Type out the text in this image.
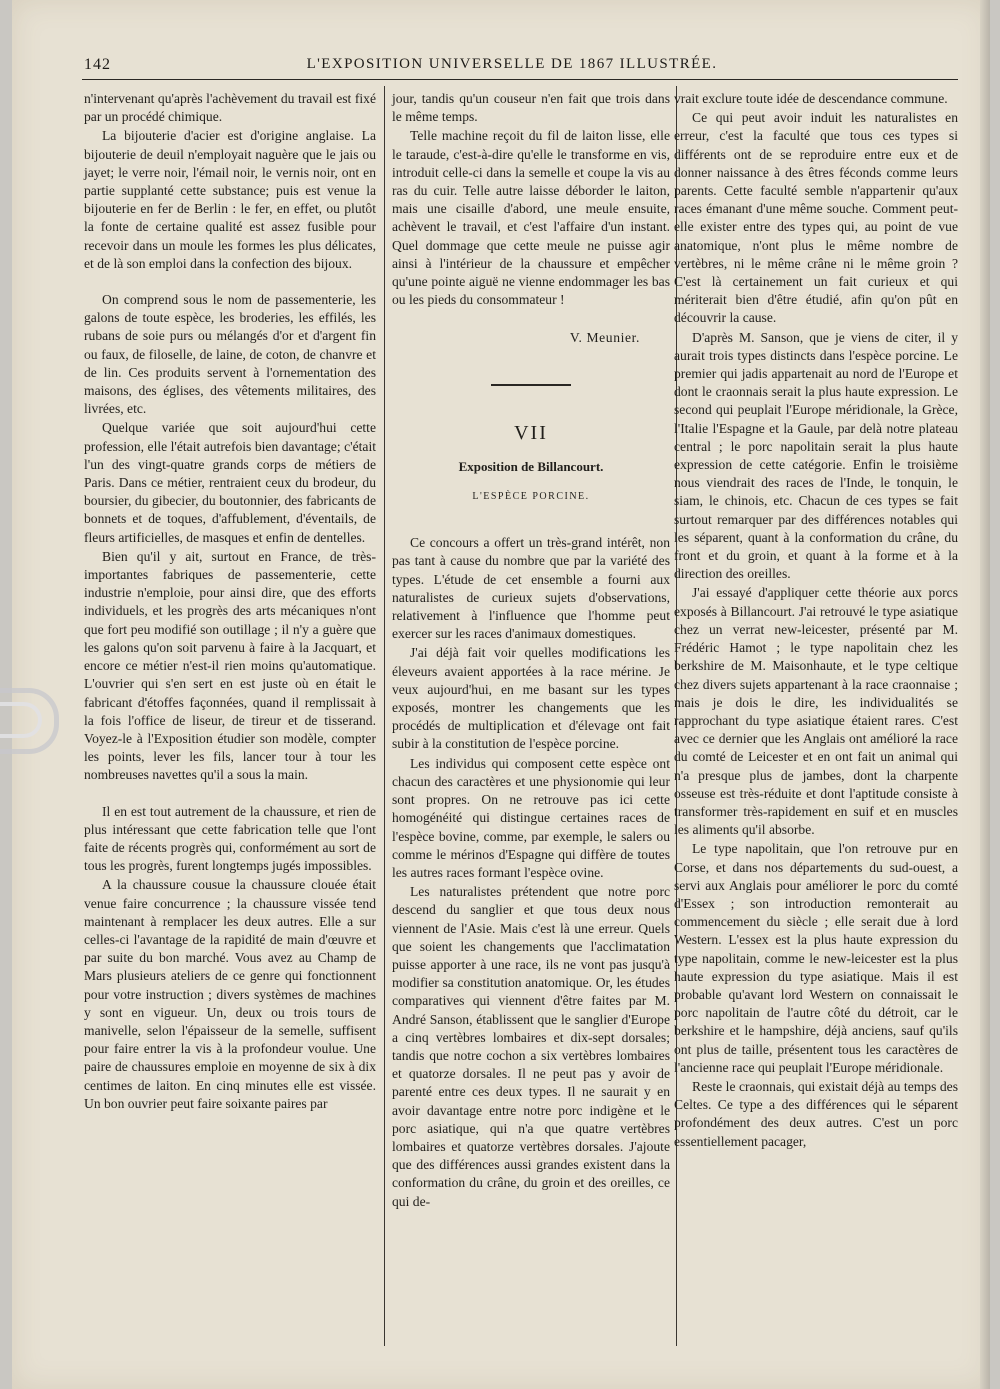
142	L'EXPOSITION UNIVERSELLE DE 1867 ILLUSTRÉE.

n'intervenant qu'après l'achèvement du travail est fixé par un procédé chimique.

La bijouterie d'acier est d'origine anglaise. La bijouterie de deuil n'employait naguère que le jais ou jayet; le verre noir, l'émail noir, le vernis noir, ont en partie supplanté cette substance; puis est venue la bijouterie en fer de Berlin : le fer, en effet, ou plutôt la fonte de certaine qualité est assez fusible pour recevoir dans un moule les formes les plus délicates, et de là son emploi dans la confection des bijoux.

On comprend sous le nom de passementerie, les galons de toute espèce, les broderies, les effilés, les rubans de soie purs ou mélangés d'or et d'argent fin ou faux, de filoselle, de laine, de coton, de chanvre et de lin. Ces produits servent à l'ornementation des maisons, des églises, des vêtements militaires, des livrées, etc.

Quelque variée que soit aujourd'hui cette profession, elle l'était autrefois bien davantage; c'était l'un des vingt-quatre grands corps de métiers de Paris. Dans ce métier, rentraient ceux du brodeur, du boursier, du gibecier, du boutonnier, des fabricants de bonnets et de toques, d'affublement, d'éventails, de fleurs artificielles, de masques et enfin de dentelles.

Bien qu'il y ait, surtout en France, de très-importantes fabriques de passementerie, cette industrie n'emploie, pour ainsi dire, que des efforts individuels, et les progrès des arts mécaniques n'ont que fort peu modifié son outillage ; il n'y a guère que les galons qu'on soit parvenu à faire à la Jacquart, et encore ce métier n'est-il rien moins qu'automatique. L'ouvrier qui s'en sert en est juste où en était le fabricant d'étoffes façonnées, quand il remplissait à la fois l'office de liseur, de tireur et de tisserand. Voyez-le à l'Exposition étudier son modèle, compter les points, lever les fils, lancer tour à tour les nombreuses navettes qu'il a sous la main.

Il en est tout autrement de la chaussure, et rien de plus intéressant que cette fabrication telle que l'ont faite de récents progrès qui, conformément au sort de tous les progrès, furent longtemps jugés impossibles.

A la chaussure cousue la chaussure clouée était venue faire concurrence ; la chaussure vissée tend maintenant à remplacer les deux autres. Elle a sur celles-ci l'avantage de la rapidité de main d'œuvre et par suite du bon marché. Vous avez au Champ de Mars plusieurs ateliers de ce genre qui fonctionnent pour votre instruction ; divers systèmes de machines y sont en vigueur. Un, deux ou trois tours de manivelle, selon l'épaisseur de la semelle, suffisent pour faire entrer la vis à la profondeur voulue. Une paire de chaussures emploie en moyenne de six à dix centimes de laiton. En cinq minutes elle est vissée. Un bon ouvrier peut faire soixante paires par

jour, tandis qu'un couseur n'en fait que trois dans le même temps.

Telle machine reçoit du fil de laiton lisse, elle le taraude, c'est-à-dire qu'elle le transforme en vis, introduit celle-ci dans la semelle et coupe la vis au ras du cuir. Telle autre laisse déborder le laiton, mais une cisaille d'abord, une meule ensuite, achèvent le travail, et c'est l'affaire d'un instant. Quel dommage que cette meule ne puisse agir ainsi à l'intérieur de la chaussure et empêcher qu'une pointe aiguë ne vienne endommager les bas ou les pieds du consommateur !

V. Meunier.
VII
Exposition de Billancourt.
L'ESPÈCE PORCINE.

Ce concours a offert un très-grand intérêt, non pas tant à cause du nombre que par la variété des types. L'étude de cet ensemble a fourni aux naturalistes de curieux sujets d'observations, relativement à l'influence que l'homme peut exercer sur les races d'animaux domestiques.

J'ai déjà fait voir quelles modifications les éleveurs avaient apportées à la race mérine. Je veux aujourd'hui, en me basant sur les types exposés, montrer les changements que les procédés de multiplication et d'élevage ont fait subir à la constitution de l'espèce porcine.

Les individus qui composent cette espèce ont chacun des caractères et une physionomie qui leur sont propres. On ne retrouve pas ici cette homogénéité qui distingue certaines races de l'espèce bovine, comme, par exemple, le salers ou comme le mérinos d'Espagne qui diffère de toutes les autres races formant l'espèce ovine.

Les naturalistes prétendent que notre porc descend du sanglier et que tous deux nous viennent de l'Asie. Mais c'est là une erreur. Quels que soient les changements que l'acclimatation puisse apporter à une race, ils ne vont pas jusqu'à modifier sa constitution anatomique. Or, les études comparatives qui viennent d'être faites par M. André Sanson, établissent que le sanglier d'Europe a cinq vertèbres lombaires et dix-sept dorsales; tandis que notre cochon a six vertèbres lombaires et quatorze dorsales. Il ne peut pas y avoir de parenté entre ces deux types. Il ne saurait y en avoir davantage entre notre porc indigène et le porc asiatique, qui n'a que quatre vertèbres lombaires et quatorze vertèbres dorsales. J'ajoute que des différences aussi grandes existent dans la conformation du crâne, du groin et des oreilles, ce qui de-

vrait exclure toute idée de descendance commune.

Ce qui peut avoir induit les naturalistes en erreur, c'est la faculté que tous ces types si différents ont de se reproduire entre eux et de donner naissance à des êtres féconds comme leurs parents. Cette faculté semble n'appartenir qu'aux races émanant d'une même souche. Comment peut-elle exister entre des types qui, au point de vue anatomique, n'ont plus le même nombre de vertèbres, ni le même crâne ni le même groin ? C'est là certainement un fait curieux et qui mériterait bien d'être étudié, afin qu'on pût en découvrir la cause.

D'après M. Sanson, que je viens de citer, il y aurait trois types distincts dans l'espèce porcine. Le premier qui jadis appartenait au nord de l'Europe et dont le craonnais serait la plus haute expression. Le second qui peuplait l'Europe méridionale, la Grèce, l'Italie l'Espagne et la Gaule, par delà notre plateau central ; le porc napolitain serait la plus haute expression de cette catégorie. Enfin le troisième nous viendrait des races de l'Inde, le tonquin, le siam, le chinois, etc. Chacun de ces types se fait surtout remarquer par des différences notables qui les séparent, quant à la conformation du crâne, du front et du groin, et quant à la forme et à la direction des oreilles.

J'ai essayé d'appliquer cette théorie aux porcs exposés à Billancourt. J'ai retrouvé le type asiatique chez un verrat new-leicester, présenté par M. Frédéric Hamot ; le type napolitain chez les berkshire de M. Maisonhaute, et le type celtique chez divers sujets appartenant à la race craonnaise ; mais je dois le dire, les individualités se rapprochant du type asiatique étaient rares. C'est avec ce dernier que les Anglais ont amélioré la race du comté de Leicester et en ont fait un animal qui n'a presque plus de jambes, dont la charpente osseuse est très-réduite et dont l'aptitude consiste à transformer très-rapidement en suif et en muscles les aliments qu'il absorbe.

Le type napolitain, que l'on retrouve pur en Corse, et dans nos départements du sud-ouest, a servi aux Anglais pour améliorer le porc du comté d'Essex ; son introduction remonterait au commencement du siècle ; elle serait due à lord Western. L'essex est la plus haute expression du type napolitain, comme le new-leicester est la plus haute expression du type asiatique. Mais il est probable qu'avant lord Western on connaissait le porc napolitain de l'autre côté du détroit, car le berkshire et le hampshire, déjà anciens, sauf qu'ils ont plus de taille, présentent tous les caractères de l'ancienne race qui peuplait l'Europe méridionale.

Reste le craonnais, qui existait déjà au temps des Celtes. Ce type a des différences qui le séparent profondément des deux autres. C'est un porc essentiellement pacager,
